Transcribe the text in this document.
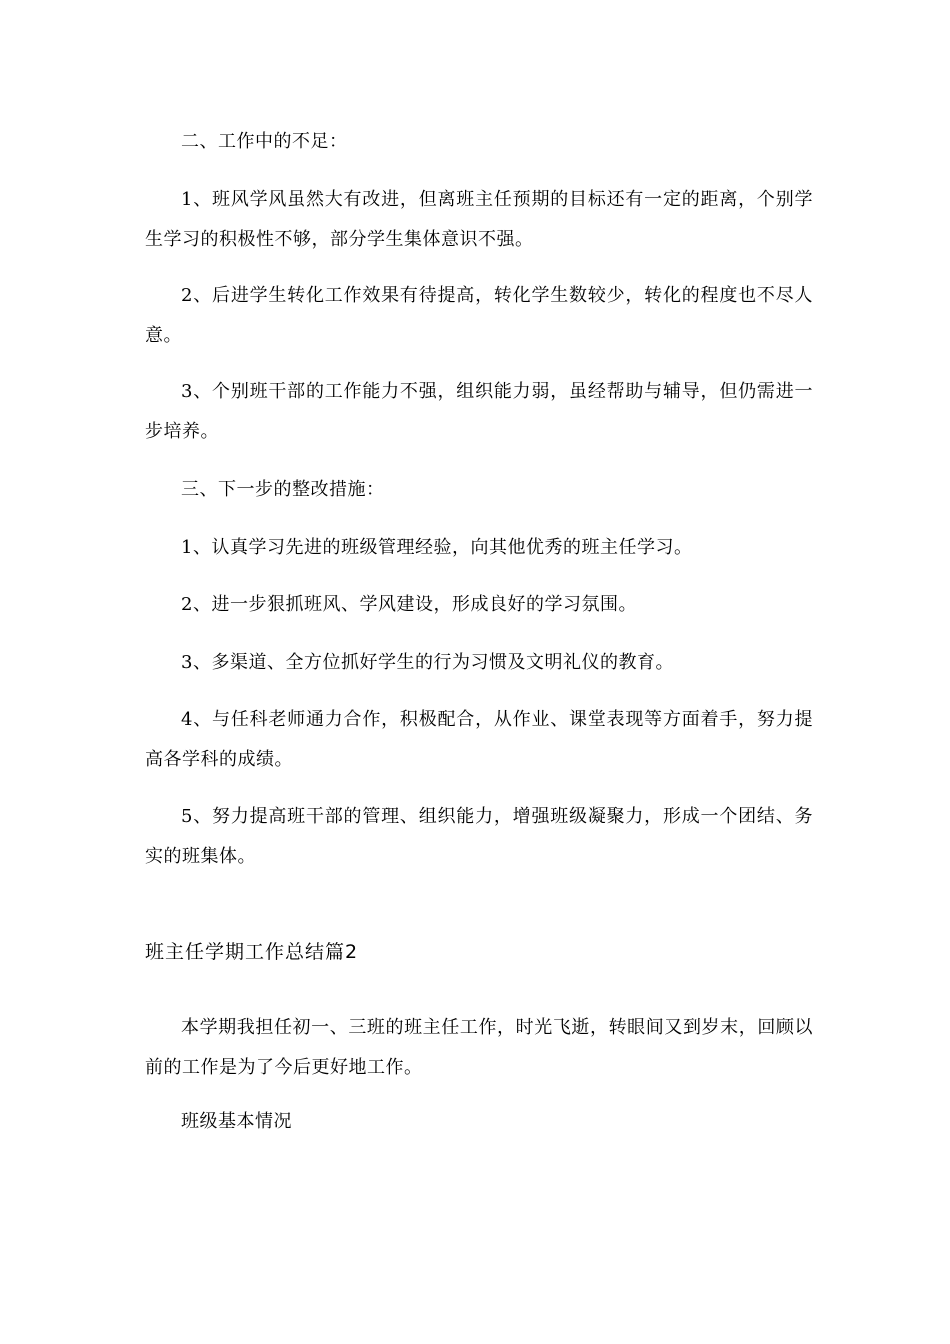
二、工作中的不足：

1、班风学风虽然大有改进，但离班主任预期的目标还有一定的距离，个别学生学习的积极性不够，部分学生集体意识不强。

2、后进学生转化工作效果有待提高，转化学生数较少，转化的程度也不尽人意。

3、个别班干部的工作能力不强，组织能力弱，虽经帮助与辅导，但仍需进一步培养。

三、下一步的整改措施：

1、认真学习先进的班级管理经验，向其他优秀的班主任学习。

2、进一步狠抓班风、学风建设，形成良好的学习氛围。

3、多渠道、全方位抓好学生的行为习惯及文明礼仪的教育。

4、与任科老师通力合作，积极配合，从作业、课堂表现等方面着手，努力提高各学科的成绩。

5、努力提高班干部的管理、组织能力，增强班级凝聚力，形成一个团结、务实的班集体。

班主任学期工作总结篇2

本学期我担任初一、三班的班主任工作，时光飞逝，转眼间又到岁末，回顾以前的工作是为了今后更好地工作。

班级基本情况
